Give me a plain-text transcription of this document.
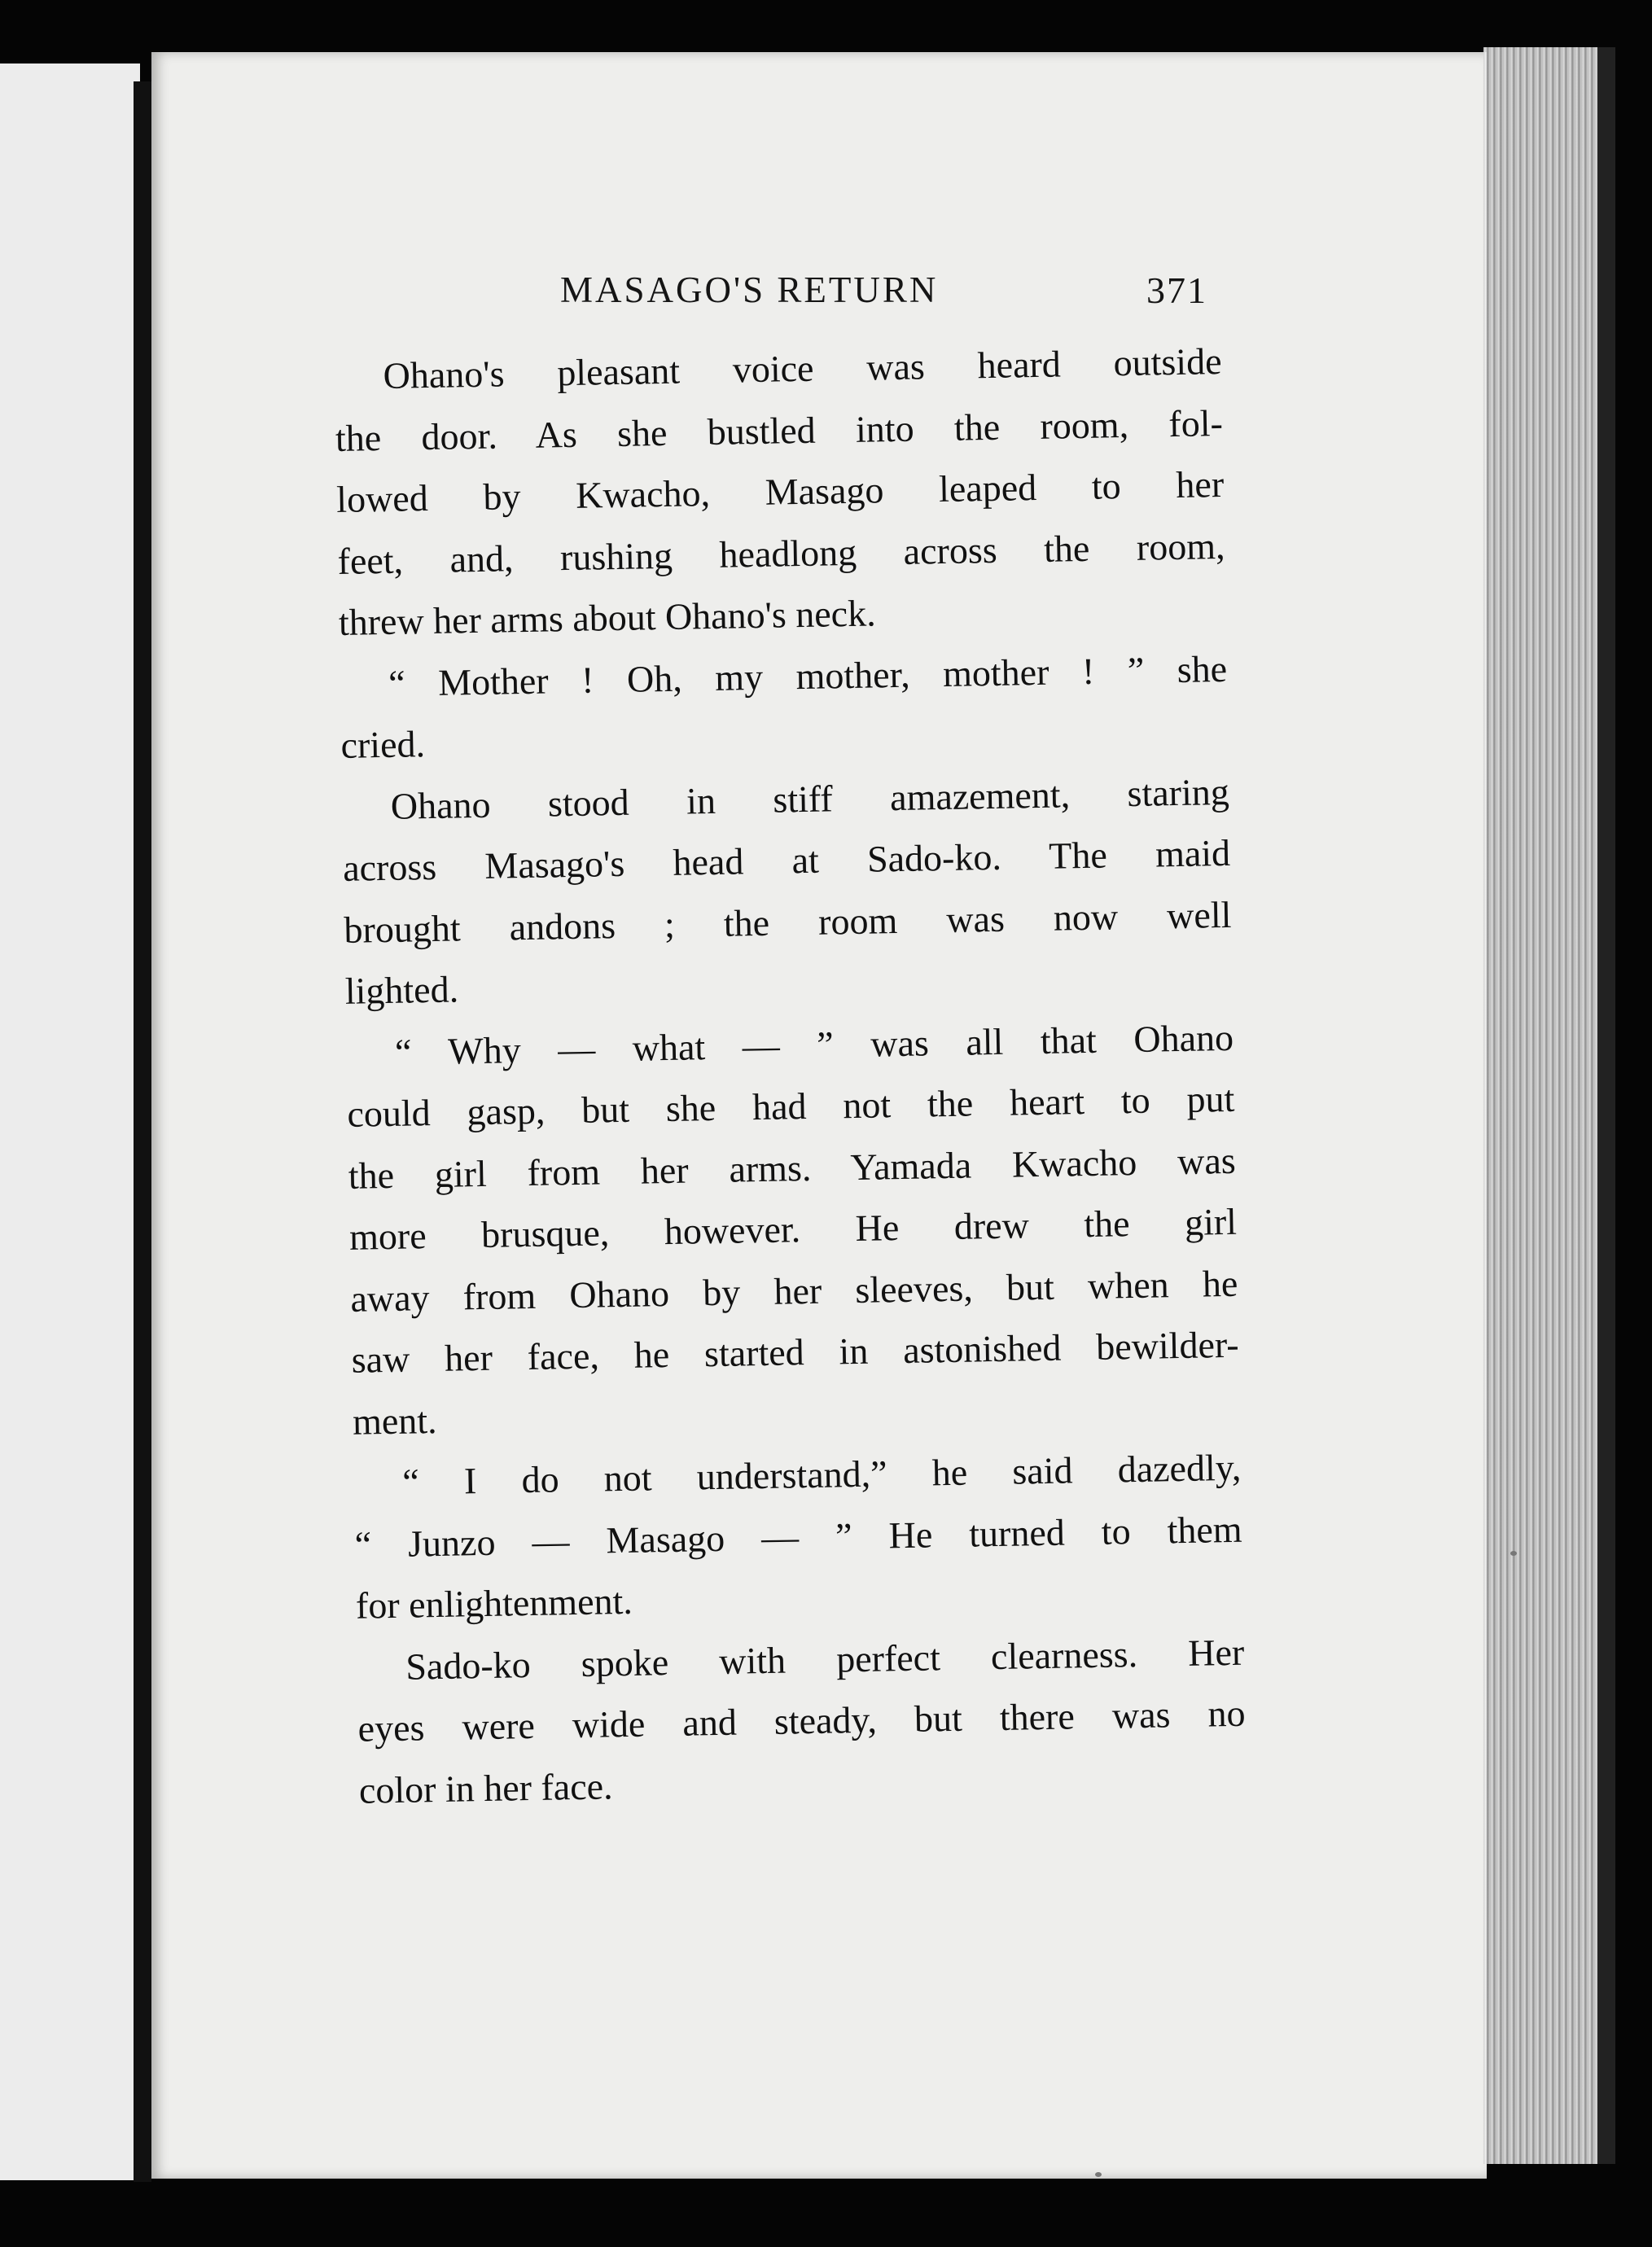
MASAGO'S RETURN	371
Ohano's pleasant voice was heard outside
the door. As she bustled into the room, fol-
lowed by Kwacho, Masago leaped to her
feet, and, rushing headlong across the room,
threw her arms about Ohano's neck.
“ Mother ! Oh, my mother, mother ! ” she
cried.
Ohano stood in stiff amazement, staring
across Masago's head at Sado-ko. The maid
brought andons ; the room was now well
lighted.
“ Why — what — ” was all that Ohano
could gasp, but she had not the heart to put
the girl from her arms. Yamada Kwacho was
more brusque, however. He drew the girl
away from Ohano by her sleeves, but when he
saw her face, he started in astonished bewilder-
ment.
“ I do not understand,” he said dazedly,
“ Junzo — Masago — ” He turned to them
for enlightenment.
Sado-ko spoke with perfect clearness. Her
eyes were wide and steady, but there was no
color in her face.
